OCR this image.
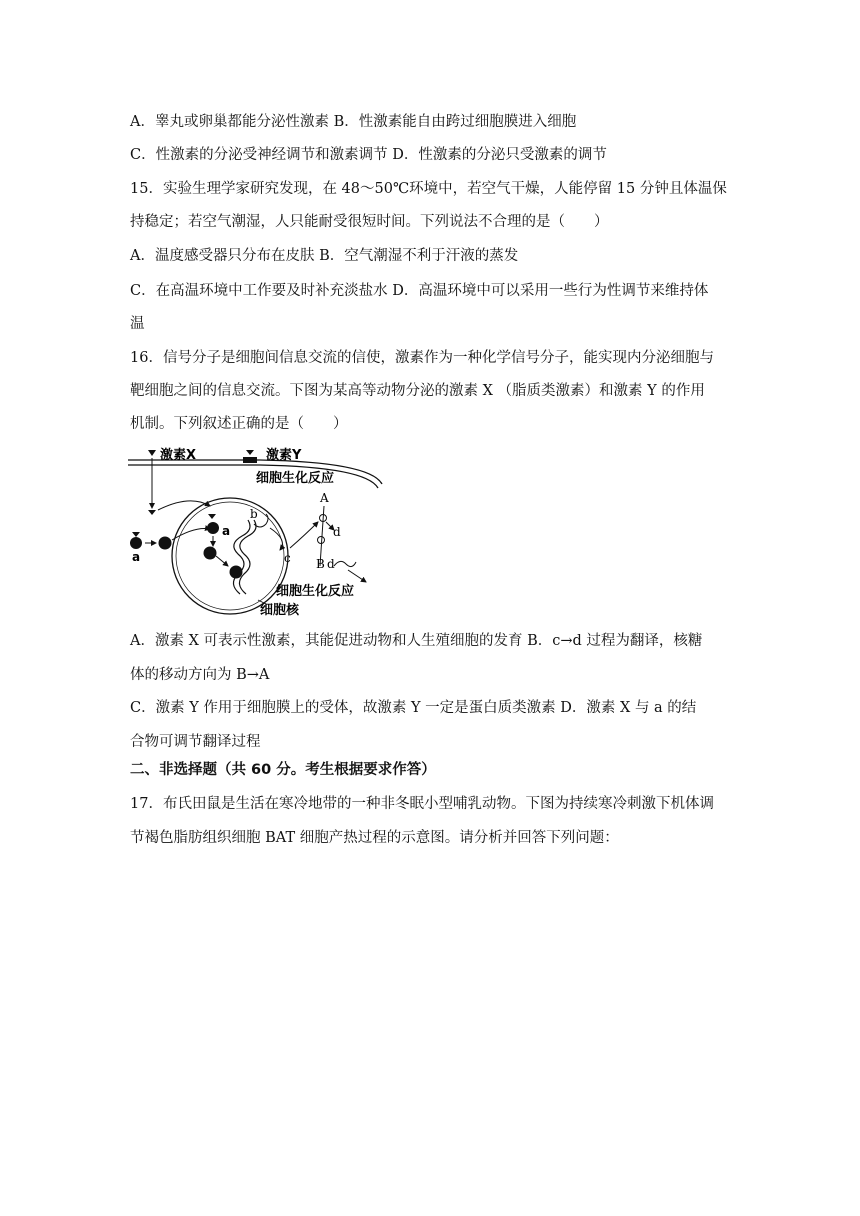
A．睾丸或卵巢都能分泌性激素 B．性激素能自由跨过细胞膜进入细胞
C．性激素的分泌受神经调节和激素调节 D．性激素的分泌只受激素的调节
15．实验生理学家研究发现，在 48～50℃环境中，若空气干燥，人能停留 15 分钟且体温保
持稳定；若空气潮湿，人只能耐受很短时间。下列说法不合理的是（　　）
A．温度感受器只分布在皮肤 B．空气潮湿不利于汗液的蒸发
C．在高温环境中工作要及时补充淡盐水 D．高温环境中可以采用一些行为性调节来维持体
温
16．信号分子是细胞间信息交流的信使，激素作为一种化学信号分子，能实现内分泌细胞与
靶细胞之间的信息交流。下图为某高等动物分泌的激素 X （脂质类激素）和激素 Y 的作用
机制。下列叙述正确的是（　　）
A．激素 X 可表示性激素，其能促进动物和人生殖细胞的发育 B．c→d 过程为翻译，核糖
体的移动方向为 B→A
C．激素 Y 作用于细胞膜上的受体，故激素 Y 一定是蛋白质类激素 D．激素 X 与 a 的结
合物可调节翻译过程
二、非选择题（共 60 分。考生根据要求作答）
17．布氏田鼠是生活在寒冷地带的一种非冬眠小型哺乳动物。下图为持续寒冷刺激下机体调
节褐色脂肪组织细胞 BAT 细胞产热过程的示意图。请分析并回答下列问题：
激素X
a
a
b
c
激素Y
细胞生化反应
A
d
B d
细胞生化反应
细胞核
